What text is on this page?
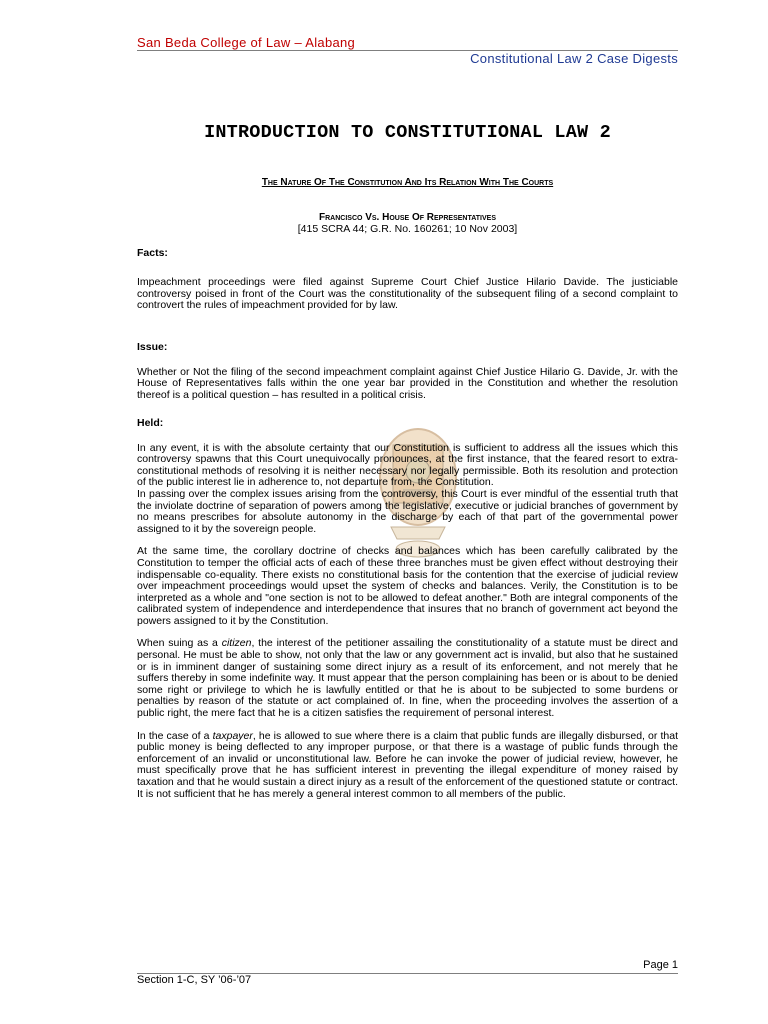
San Beda College of Law – Alabang
Constitutional Law 2 Case Digests
INTRODUCTION TO CONSTITUTIONAL LAW 2
The Nature Of The Constitution And Its Relation With The Courts
Francisco Vs. House Of Representatives
[415 SCRA 44; G.R. No. 160261; 10 Nov 2003]
Facts:

Impeachment proceedings were filed against Supreme Court Chief Justice Hilario Davide. The justiciable controversy poised in front of the Court was the constitutionality of the subsequent filing of a second complaint to controvert the rules of impeachment provided for by law.

Issue:

Whether or Not the filing of the second impeachment complaint against Chief Justice Hilario G. Davide, Jr. with the House of Representatives falls within the one year bar provided in the Constitution and whether the resolution thereof is a political question – has resulted in a political crisis.

Held:

In any event, it is with the absolute certainty that our Constitution is sufficient to address all the issues which this controversy spawns that this Court unequivocally pronounces, at the first instance, that the feared resort to extra-constitutional methods of resolving it is neither necessary nor legally permissible. Both its resolution and protection of the public interest lie in adherence to, not departure from, the Constitution.

In passing over the complex issues arising from the controversy, this Court is ever mindful of the essential truth that the inviolate doctrine of separation of powers among the legislative, executive or judicial branches of government by no means prescribes for absolute autonomy in the discharge by each of that part of the governmental power assigned to it by the sovereign people.

At the same time, the corollary doctrine of checks and balances which has been carefully calibrated by the Constitution to temper the official acts of each of these three branches must be given effect without destroying their indispensable co-equality. There exists no constitutional basis for the contention that the exercise of judicial review over impeachment proceedings would upset the system of checks and balances. Verily, the Constitution is to be interpreted as a whole and "one section is not to be allowed to defeat another." Both are integral components of the calibrated system of independence and interdependence that insures that no branch of government act beyond the powers assigned to it by the Constitution.

When suing as a citizen, the interest of the petitioner assailing the constitutionality of a statute must be direct and personal. He must be able to show, not only that the law or any government act is invalid, but also that he sustained or is in imminent danger of sustaining some direct injury as a result of its enforcement, and not merely that he suffers thereby in some indefinite way. It must appear that the person complaining has been or is about to be denied some right or privilege to which he is lawfully entitled or that he is about to be subjected to some burdens or penalties by reason of the statute or act complained of. In fine, when the proceeding involves the assertion of a public right, the mere fact that he is a citizen satisfies the requirement of personal interest.

In the case of a taxpayer, he is allowed to sue where there is a claim that public funds are illegally disbursed, or that public money is being deflected to any improper purpose, or that there is a wastage of public funds through the enforcement of an invalid or unconstitutional law. Before he can invoke the power of judicial review, however, he must specifically prove that he has sufficient interest in preventing the illegal expenditure of money raised by taxation and that he would sustain a direct injury as a result of the enforcement of the questioned statute or contract. It is not sufficient that he has merely a general interest common to all members of the public.

Page 1
Section 1-C, SY ’06-’07
